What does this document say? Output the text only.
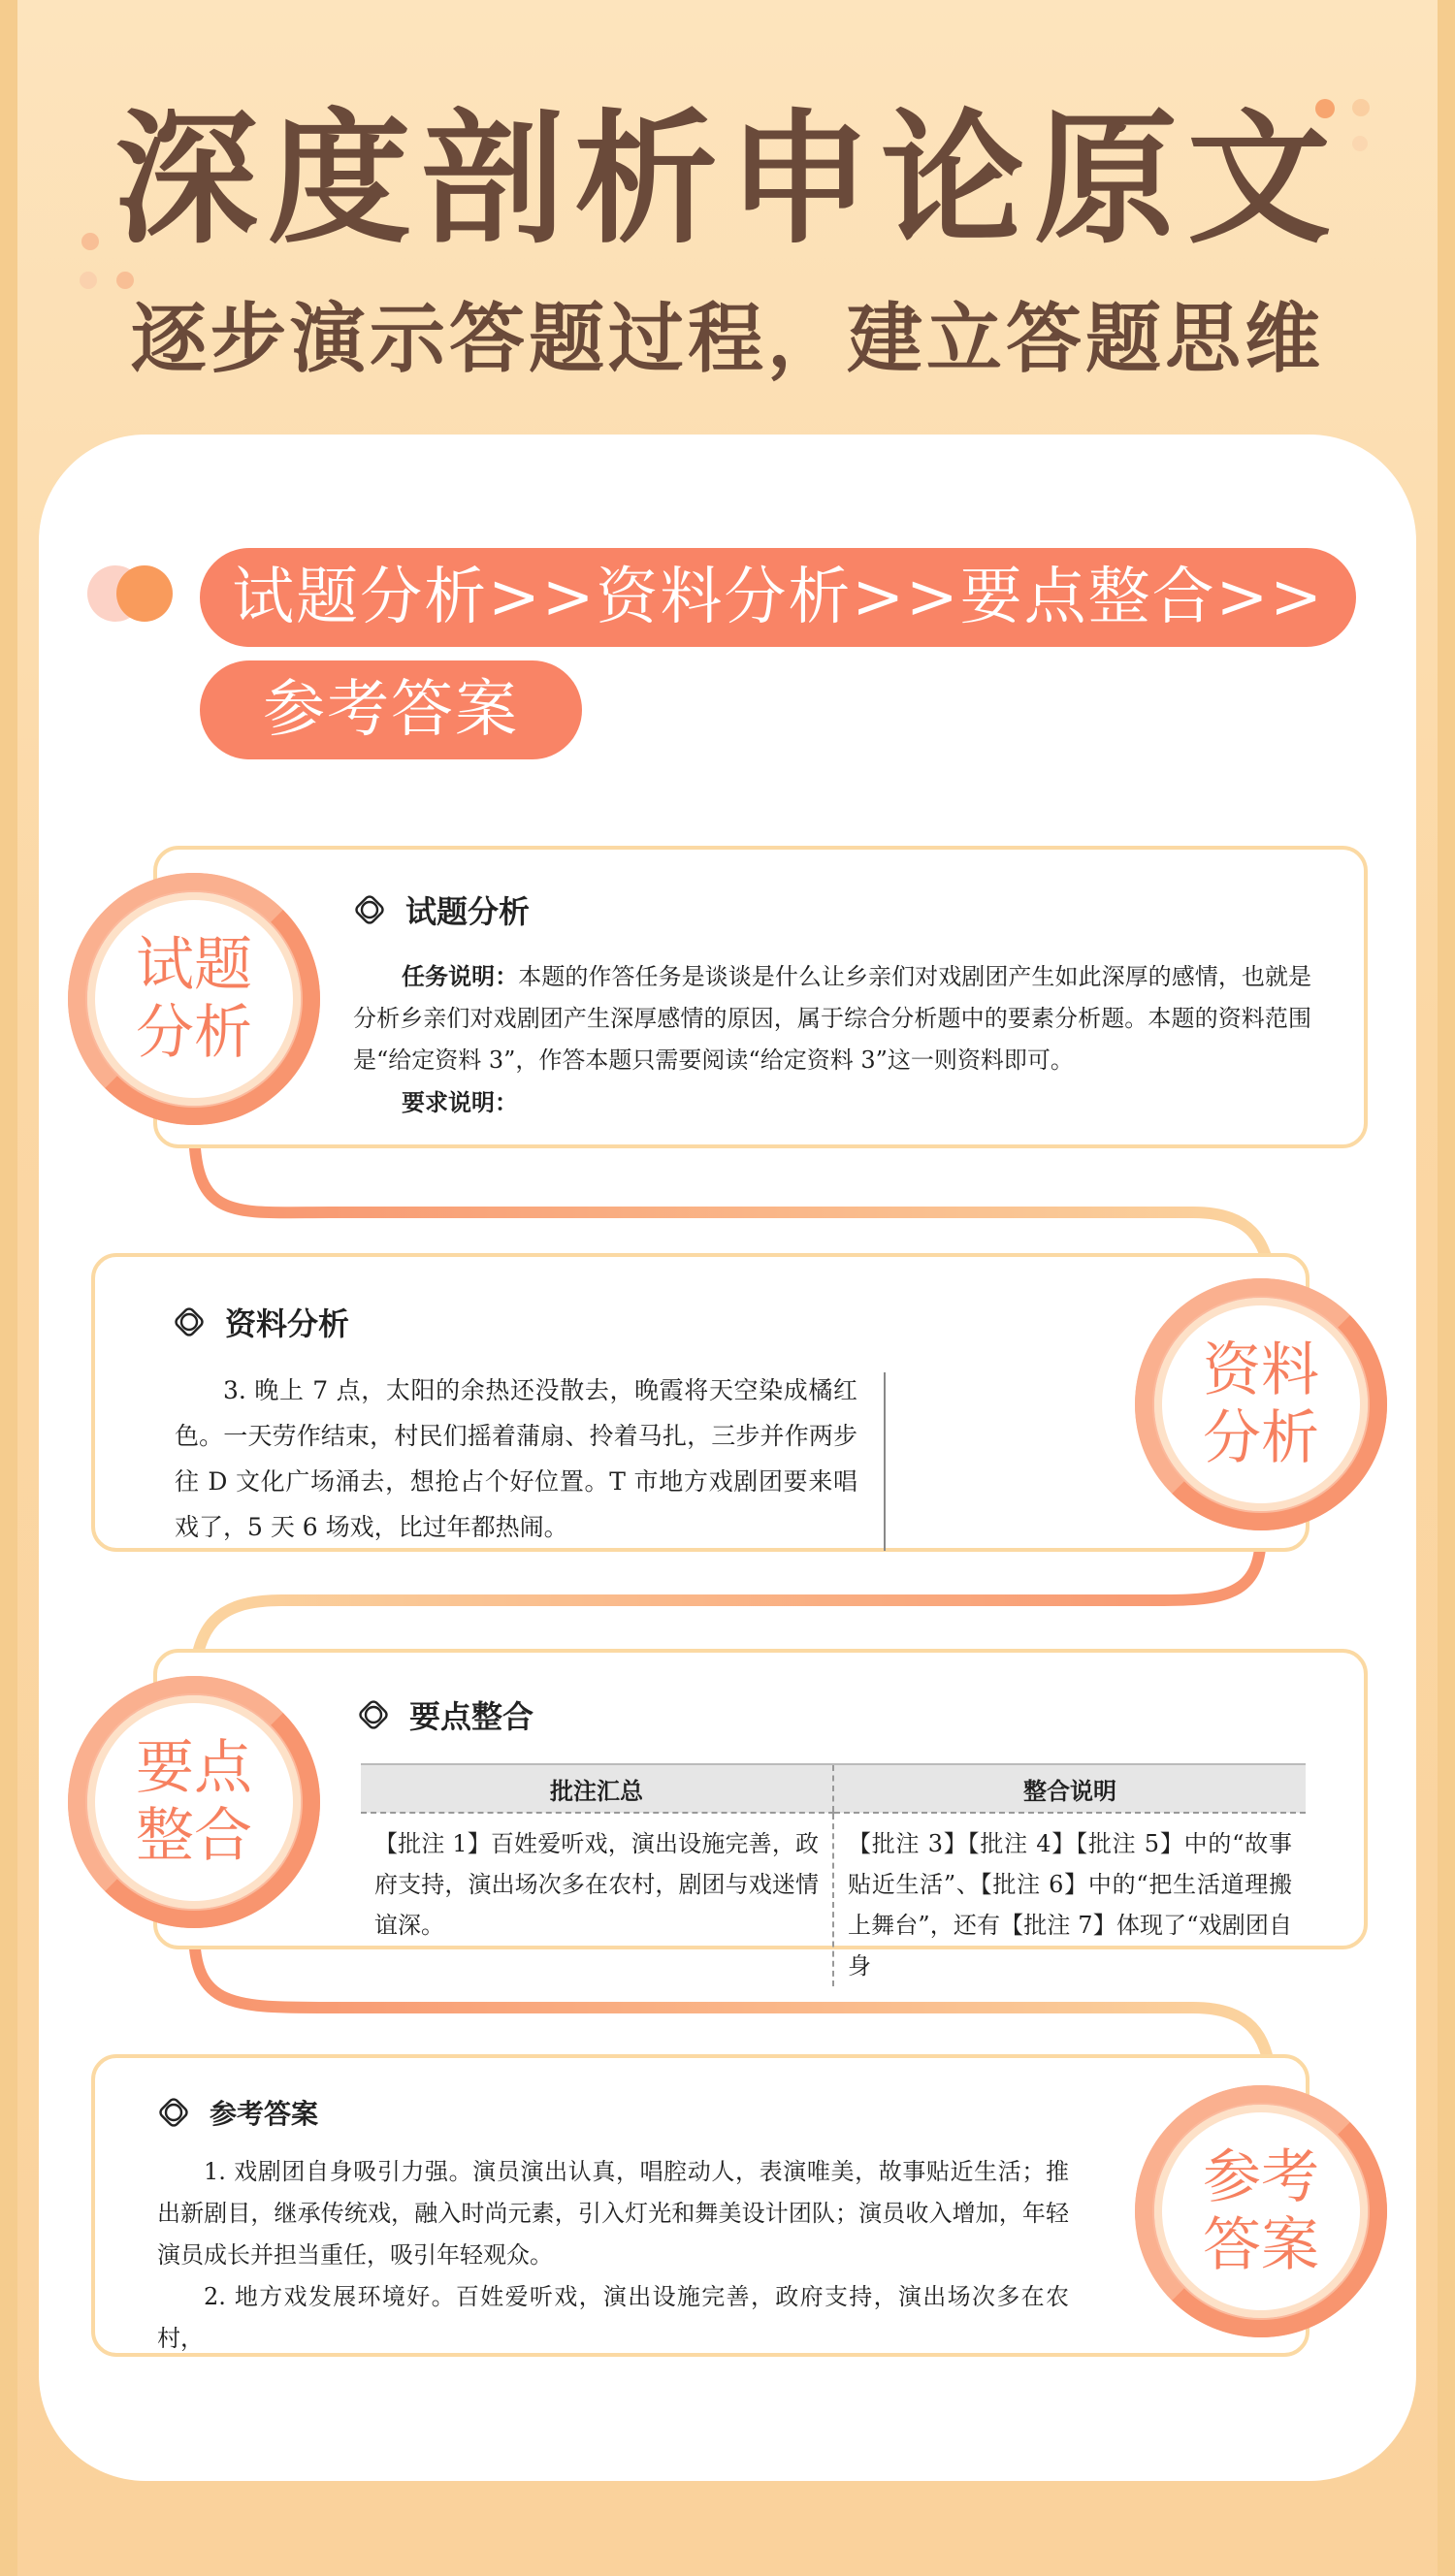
深度剖析申论原文
逐步演示答题过程，建立答题思维
试题分析>>资料分析>>要点整合>>
参考答案
试题
分析
试题分析

任务说明：本题的作答任务是谈谈是什么让乡亲们对戏剧团产生如此深厚的感情，也就是分析乡亲们对戏剧团产生深厚感情的原因，属于综合分析题中的要素分析题。本题的资料范围是“给定资料 3”，作答本题只需要阅读“给定资料 3”这一则资料即可。

要求说明：

资料
分析
资料分析

3. 晚上 7 点，太阳的余热还没散去，晚霞将天空染成橘红色。一天劳作结束，村民们摇着蒲扇、拎着马扎，三步并作两步往 D 文化广场涌去，想抢占个好位置。T 市地方戏剧团要来唱戏了，5 天 6 场戏，比过年都热闹。

要点
整合
要点整合
批注汇总	整合说明
【批注 1】百姓爱听戏，演出设施完善，政府支持，演出场次多在农村，剧团与戏迷情谊深。	【批注 3】【批注 4】【批注 5】中的“故事贴近生活”、【批注 6】中的“把生活道理搬上舞台”，还有【批注 7】体现了“戏剧团自身
参考
答案
参考答案

1. 戏剧团自身吸引力强。演员演出认真，唱腔动人，表演唯美，故事贴近生活；推出新剧目，继承传统戏，融入时尚元素，引入灯光和舞美设计团队；演员收入增加，年轻演员成长并担当重任，吸引年轻观众。

2. 地方戏发展环境好。百姓爱听戏，演出设施完善，政府支持，演出场次多在农村，
